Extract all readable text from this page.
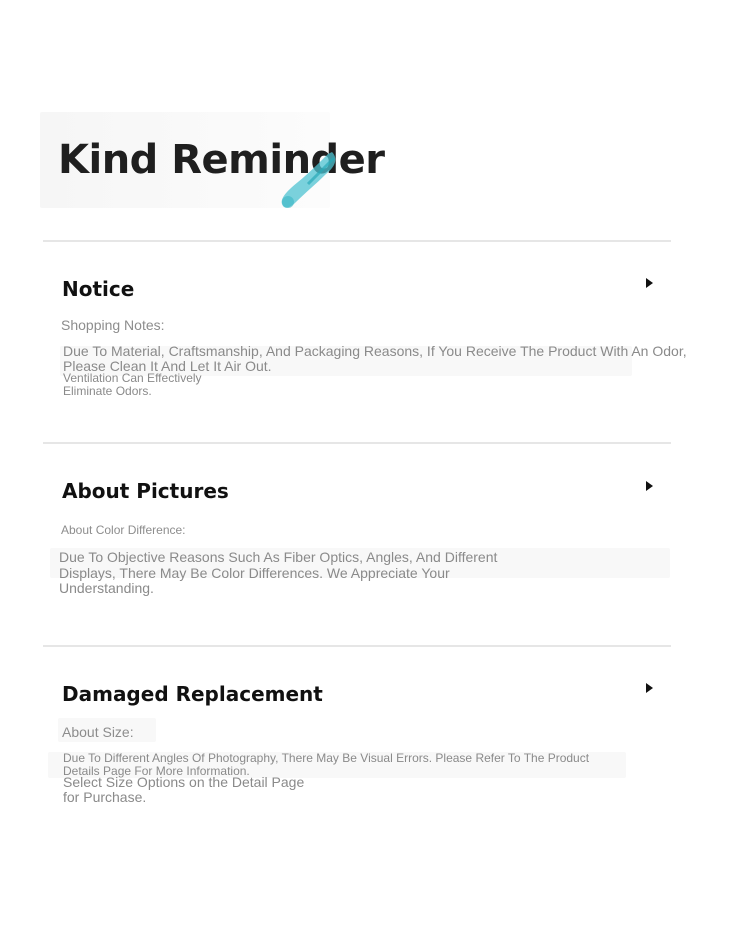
Kind Reminder
Notice

Shopping Notes:

Due To Material, Craftsmanship, And Packaging Reasons, If You Receive The Product With An Odor,
Please Clean It And Let It Air Out.

Ventilation Can Effectively
Eliminate Odors.

About Pictures

About Color Difference:

Due To Objective Reasons Such As Fiber Optics, Angles, And Different
Displays, There May Be Color Differences. We Appreciate Your
Understanding.

Damaged Replacement

About Size:

Due To Different Angles Of Photography, There May Be Visual Errors. Please Refer To The Product
Details Page For More Information.

Select Size Options on the Detail Page
for Purchase.
